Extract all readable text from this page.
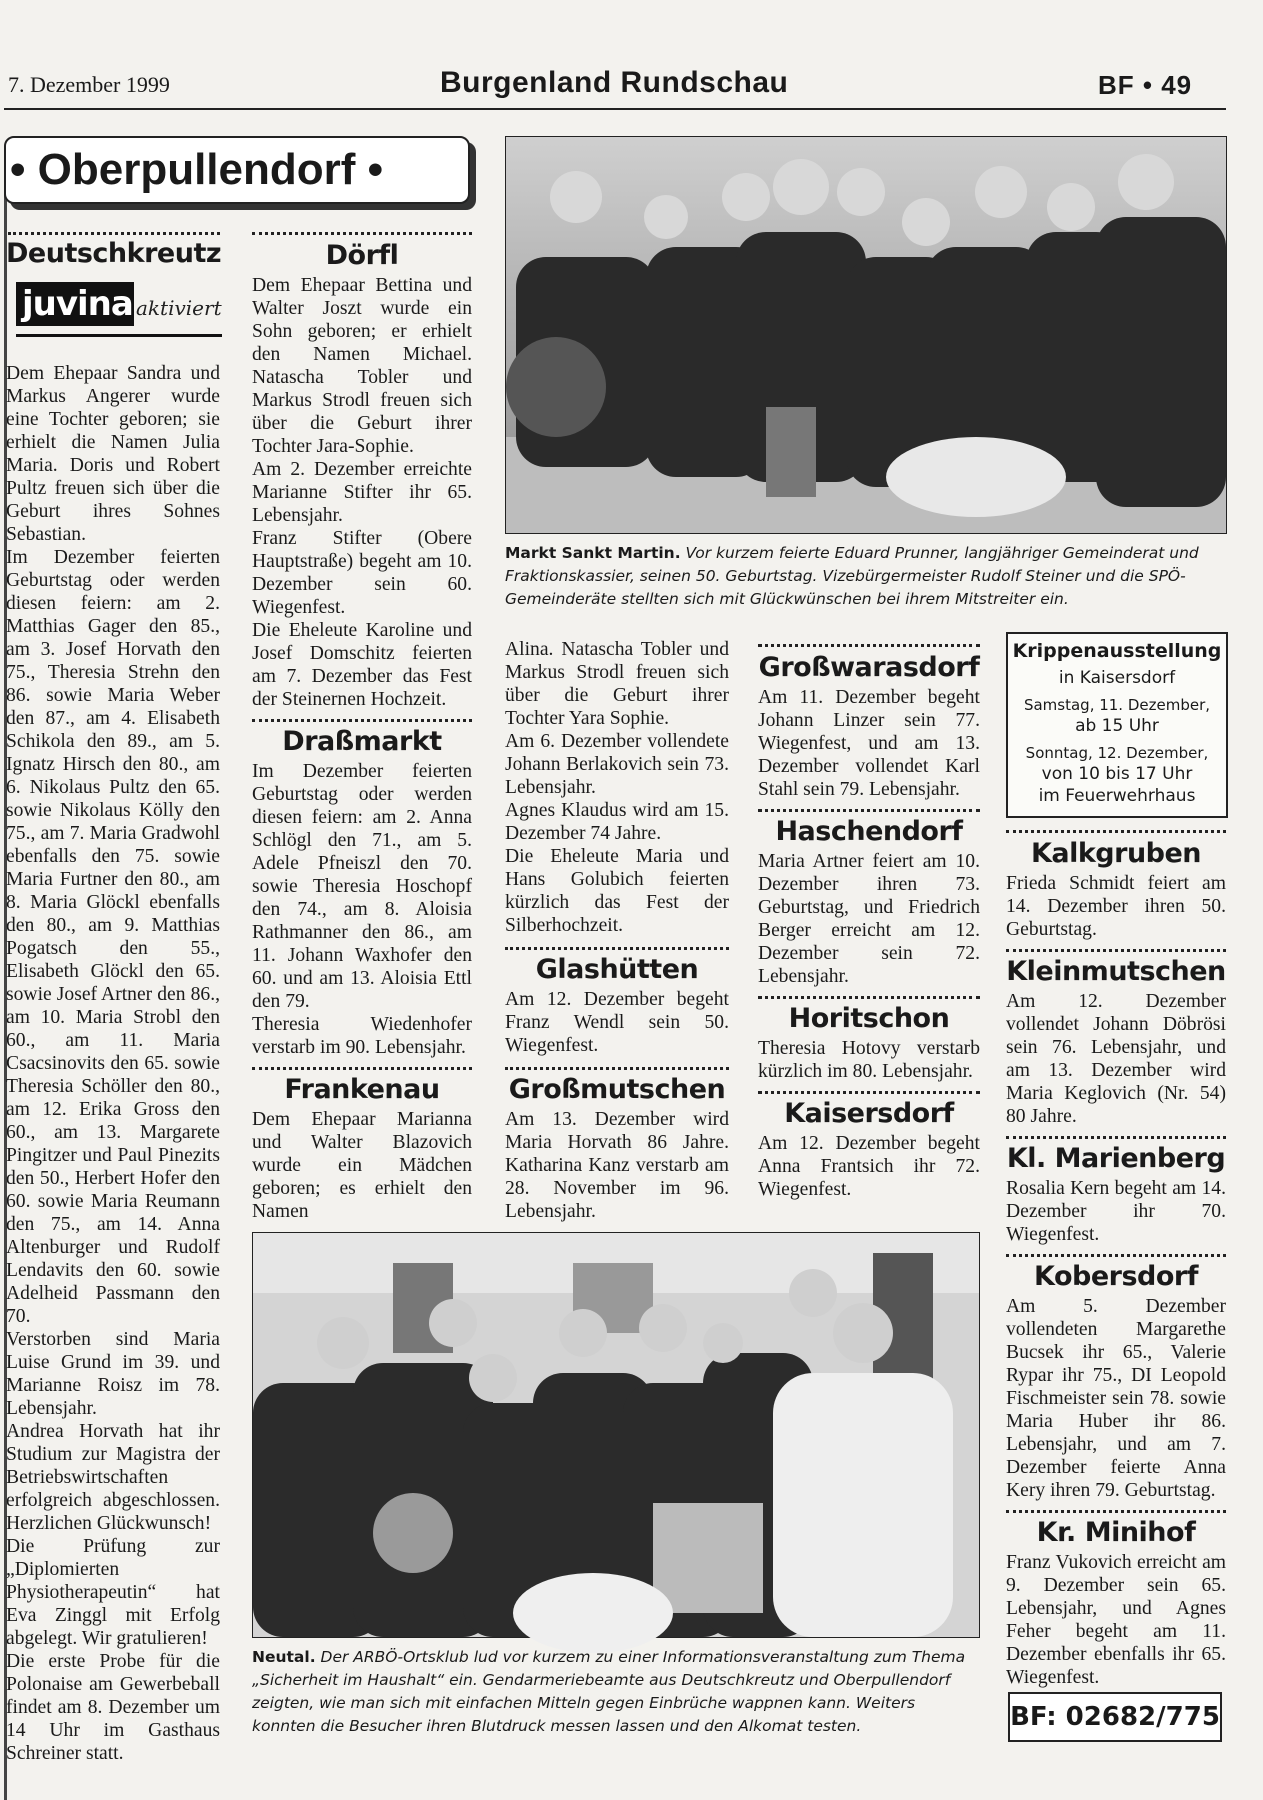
7. Dezember 1999	Burgenland Rundschau	BF • 49
• Oberpullendorf •
Deutschkreutz
juvina aktiviert

Dem Ehepaar Sandra und Markus Angerer wurde eine Tochter geboren; sie erhielt die Namen Julia Maria. Doris und Robert Pultz freuen sich über die Geburt ihres Sohnes Sebastian.

Im Dezember feierten Geburtstag oder werden diesen feiern: am 2. Matthias Gager den 85., am 3. Josef Horvath den 75., Theresia Strehn den 86. sowie Maria Weber den 87., am 4. Elisabeth Schikola den 89., am 5. Ignatz Hirsch den 80., am 6. Nikolaus Pultz den 65. sowie Nikolaus Kölly den 75., am 7. Maria Gradwohl ebenfalls den 75. sowie Maria Furtner den 80., am 8. Maria Glöckl ebenfalls den 80., am 9. Matthias Pogatsch den 55., Elisabeth Glöckl den 65. sowie Josef Artner den 86., am 10. Maria Strobl den 60., am 11. Maria Csacsinovits den 65. sowie Theresia Schöller den 80., am 12. Erika Gross den 60., am 13. Margarete Pingitzer und Paul Pinezits den 50., Herbert Hofer den 60. sowie Maria Reumann den 75., am 14. Anna Altenburger und Rudolf Lendavits den 60. sowie Adelheid Passmann den 70.

Verstorben sind Maria Luise Grund im 39. und Marianne Roisz im 78. Lebensjahr.

Andrea Horvath hat ihr Studium zur Magistra der Betriebswirtschaften erfolgreich abgeschlossen. Herzlichen Glückwunsch!

Die Prüfung zur „Diplomierten Physiotherapeutin“ hat Eva Zinggl mit Erfolg abgelegt. Wir gratulieren!

Die erste Probe für die Polonaise am Gewerbeball findet am 8. Dezember um 14 Uhr im Gasthaus Schreiner statt.

Dörfl

Dem Ehepaar Bettina und Walter Joszt wurde ein Sohn geboren; er erhielt den Namen Michael. Natascha Tobler und Markus Strodl freuen sich über die Geburt ihrer Tochter Jara-Sophie.

Am 2. Dezember erreichte Marianne Stifter ihr 65. Lebensjahr.

Franz Stifter (Obere Hauptstraße) begeht am 10. Dezember sein 60. Wiegenfest.

Die Eheleute Karoline und Josef Domschitz feierten am 7. Dezember das Fest der Steinernen Hochzeit.

Draßmarkt

Im Dezember feierten Geburtstag oder werden diesen feiern: am 2. Anna Schlögl den 71., am 5. Adele Pfneiszl den 70. sowie Theresia Hoschopf den 74., am 8. Aloisia Rathmanner den 86., am 11. Johann Waxhofer den 60. und am 13. Aloisia Ettl den 79.

Theresia Wiedenhofer verstarb im 90. Lebensjahr.

Frankenau

Dem Ehepaar Marianna und Walter Blazovich wurde ein Mädchen geboren; es erhielt den Namen

Markt Sankt Martin. Vor kurzem feierte Eduard Prunner, langjähriger Gemeinderat und Fraktionskassier, seinen 50. Geburtstag. Vizebürgermeister Rudolf Steiner und die SPÖ-Gemeinderäte stellten sich mit Glückwünschen bei ihrem Mitstreiter ein.

Alina. Natascha Tobler und Markus Strodl freuen sich über die Geburt ihrer Tochter Yara Sophie.

Am 6. Dezember vollendete Johann Berlakovich sein 73. Lebensjahr.

Agnes Klaudus wird am 15. Dezember 74 Jahre.

Die Eheleute Maria und Hans Golubich feierten kürzlich das Fest der Silberhochzeit.

Glashütten

Am 12. Dezember begeht Franz Wendl sein 50. Wiegenfest.

Großmutschen

Am 13. Dezember wird Maria Horvath 86 Jahre. Katharina Kanz verstarb am 28. November im 96. Lebensjahr.

Großwarasdorf

Am 11. Dezember begeht Johann Linzer sein 77. Wiegenfest, und am 13. Dezember vollendet Karl Stahl sein 79. Lebensjahr.

Haschendorf

Maria Artner feiert am 10. Dezember ihren 73. Geburtstag, und Friedrich Berger erreicht am 12. Dezember sein 72. Lebensjahr.

Horitschon

Theresia Hotovy verstarb kürzlich im 80. Lebensjahr.

Kaisersdorf

Am 12. Dezember begeht Anna Frantsich ihr 72. Wiegenfest.

Krippenausstellung
in Kaisersdorf
Samstag, 11. Dezember,
ab 15 Uhr
Sonntag, 12. Dezember,
von 10 bis 17 Uhr
im Feuerwehrhaus
Kalkgruben

Frieda Schmidt feiert am 14. Dezember ihren 50. Geburtstag.

Kleinmutschen

Am 12. Dezember vollendet Johann Döbrösi sein 76. Lebensjahr, und am 13. Dezember wird Maria Keglovich (Nr. 54) 80 Jahre.

Kl. Marienberg

Rosalia Kern begeht am 14. Dezember ihr 70. Wiegenfest.

Kobersdorf

Am 5. Dezember vollendeten Margarethe Bucsek ihr 65., Valerie Rypar ihr 75., DI Leopold Fischmeister sein 78. sowie Maria Huber ihr 86. Lebensjahr, und am 7. Dezember feierte Anna Kery ihren 79. Geburtstag.

Kr. Minihof

Franz Vukovich erreicht am 9. Dezember sein 65. Lebensjahr, und Agnes Feher begeht am 11. Dezember ebenfalls ihr 65. Wiegenfest.

Neutal. Der ARBÖ-Ortsklub lud vor kurzem zu einer Informationsveranstaltung zum Thema „Sicherheit im Haushalt“ ein. Gendarmeriebeamte aus Deutschkreutz und Oberpullendorf zeigten, wie man sich mit einfachen Mitteln gegen Einbrüche wappnen kann. Weiters konnten die Besucher ihren Blutdruck messen lassen und den Alkomat testen.	BF: 02682/775
